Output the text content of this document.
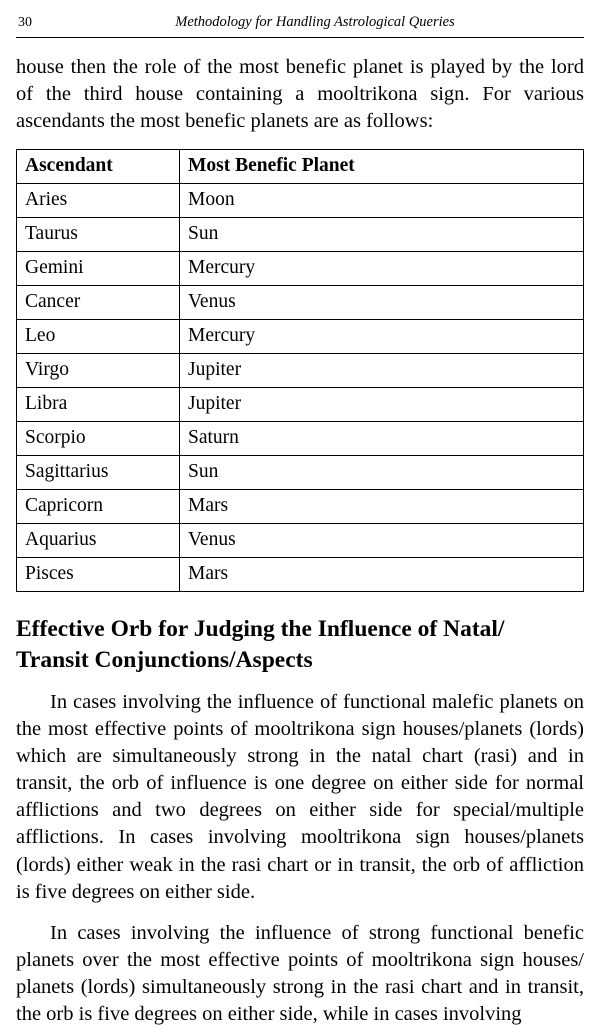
30	Methodology for Handling Astrological Queries

house then the role of the most benefic planet is played by the lord of the third house containing a mooltrikona sign. For various ascendants the most benefic planets are as follows:

Ascendant	Most Benefic Planet
Aries	Moon
Taurus	Sun
Gemini	Mercury
Cancer	Venus
Leo	Mercury
Virgo	Jupiter
Libra	Jupiter
Scorpio	Saturn
Sagittarius	Sun
Capricorn	Mars
Aquarius	Venus
Pisces	Mars
Effective Orb for Judging the Influence of Natal/
Transit Conjunctions/Aspects

In cases involving the influence of functional malefic planets on the most effective points of mooltrikona sign houses/planets (lords) which are simultaneously strong in the natal chart (rasi) and in transit, the orb of influence is one degree on either side for normal afflictions and two degrees on either side for special/multiple afflictions. In cases involving mooltrikona sign houses/planets (lords) either weak in the rasi chart or in transit, the orb of affliction is five degrees on either side.

In cases involving the influence of strong functional benefic planets over the most effective points of mooltrikona sign houses/ planets (lords) simultaneously strong in the rasi chart and in transit, the orb is five degrees on either side, while in cases involving
